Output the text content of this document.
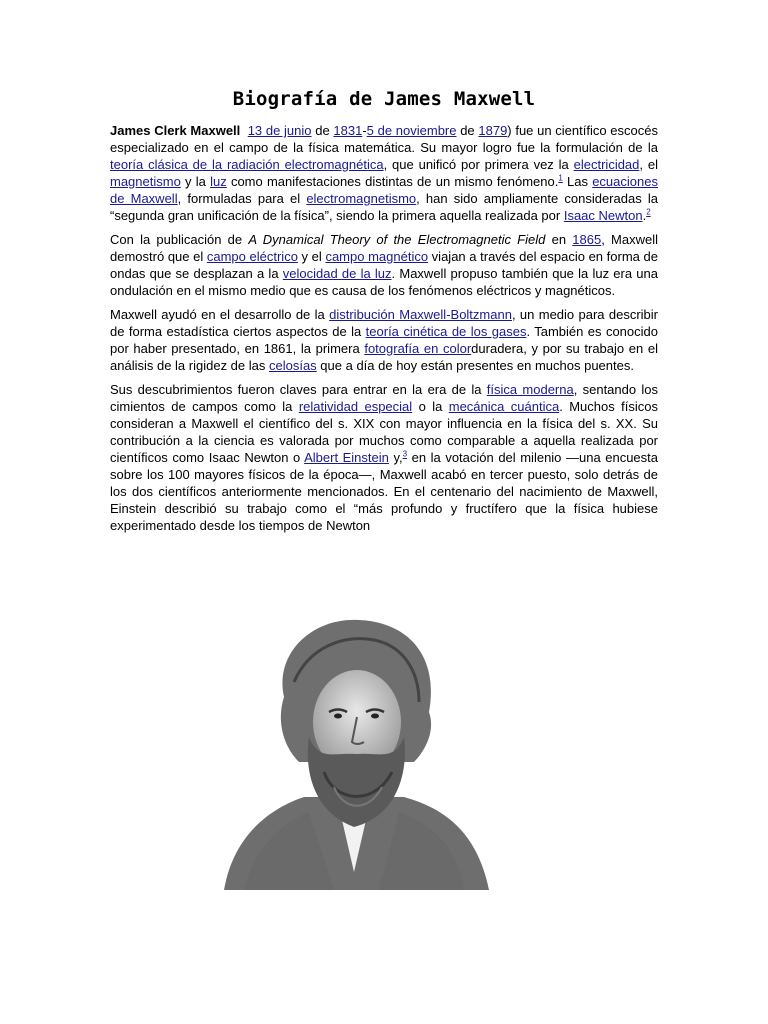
Biografía de James Maxwell

James Clerk Maxwell 13 de junio de 1831-5 de noviembre de 1879) fue un científico escocés especializado en el campo de la física matemática. Su mayor logro fue la formulación de la teoría clásica de la radiación electromagnética, que unificó por primera vez la electricidad, el magnetismo y la luz como manifestaciones distintas de un mismo fenómeno.$^1$ Las ecuaciones de Maxwell, formuladas para el electromagnetismo, han sido ampliamente consideradas la “segunda gran unificación de la física”, siendo la primera aquella realizada por Isaac Newton.$^2$

Con la publicación de A Dynamical Theory of the Electromagnetic Field en 1865, Maxwell demostró que el campo eléctrico y el campo magnético viajan a través del espacio en forma de ondas que se desplazan a la velocidad de la luz. Maxwell propuso también que la luz era una ondulación en el mismo medio que es causa de los fenómenos eléctricos y magnéticos.

Maxwell ayudó en el desarrollo de la distribución Maxwell-Boltzmann, un medio para describir de forma estadística ciertos aspectos de la teoría cinética de los gases. También es conocido por haber presentado, en 1861, la primera fotografía en colorduradera, y por su trabajo en el análisis de la rigidez de las celosías que a día de hoy están presentes en muchos puentes.

Sus descubrimientos fueron claves para entrar en la era de la física moderna, sentando los cimientos de campos como la relatividad especial o la mecánica cuántica. Muchos físicos consideran a Maxwell el científico del s. XIX con mayor influencia en la física del s. XX. Su contribución a la ciencia es valorada por muchos como comparable a aquella realizada por científicos como Isaac Newton o Albert Einstein y,$^3$ en la votación del milenio —una encuesta sobre los 100 mayores físicos de la época—, Maxwell acabó en tercer puesto, solo detrás de los dos científicos anteriormente mencionados. En el centenario del nacimiento de Maxwell, Einstein describió su trabajo como el “más profundo y fructífero que la física hubiese experimentado desde los tiempos de Newton
